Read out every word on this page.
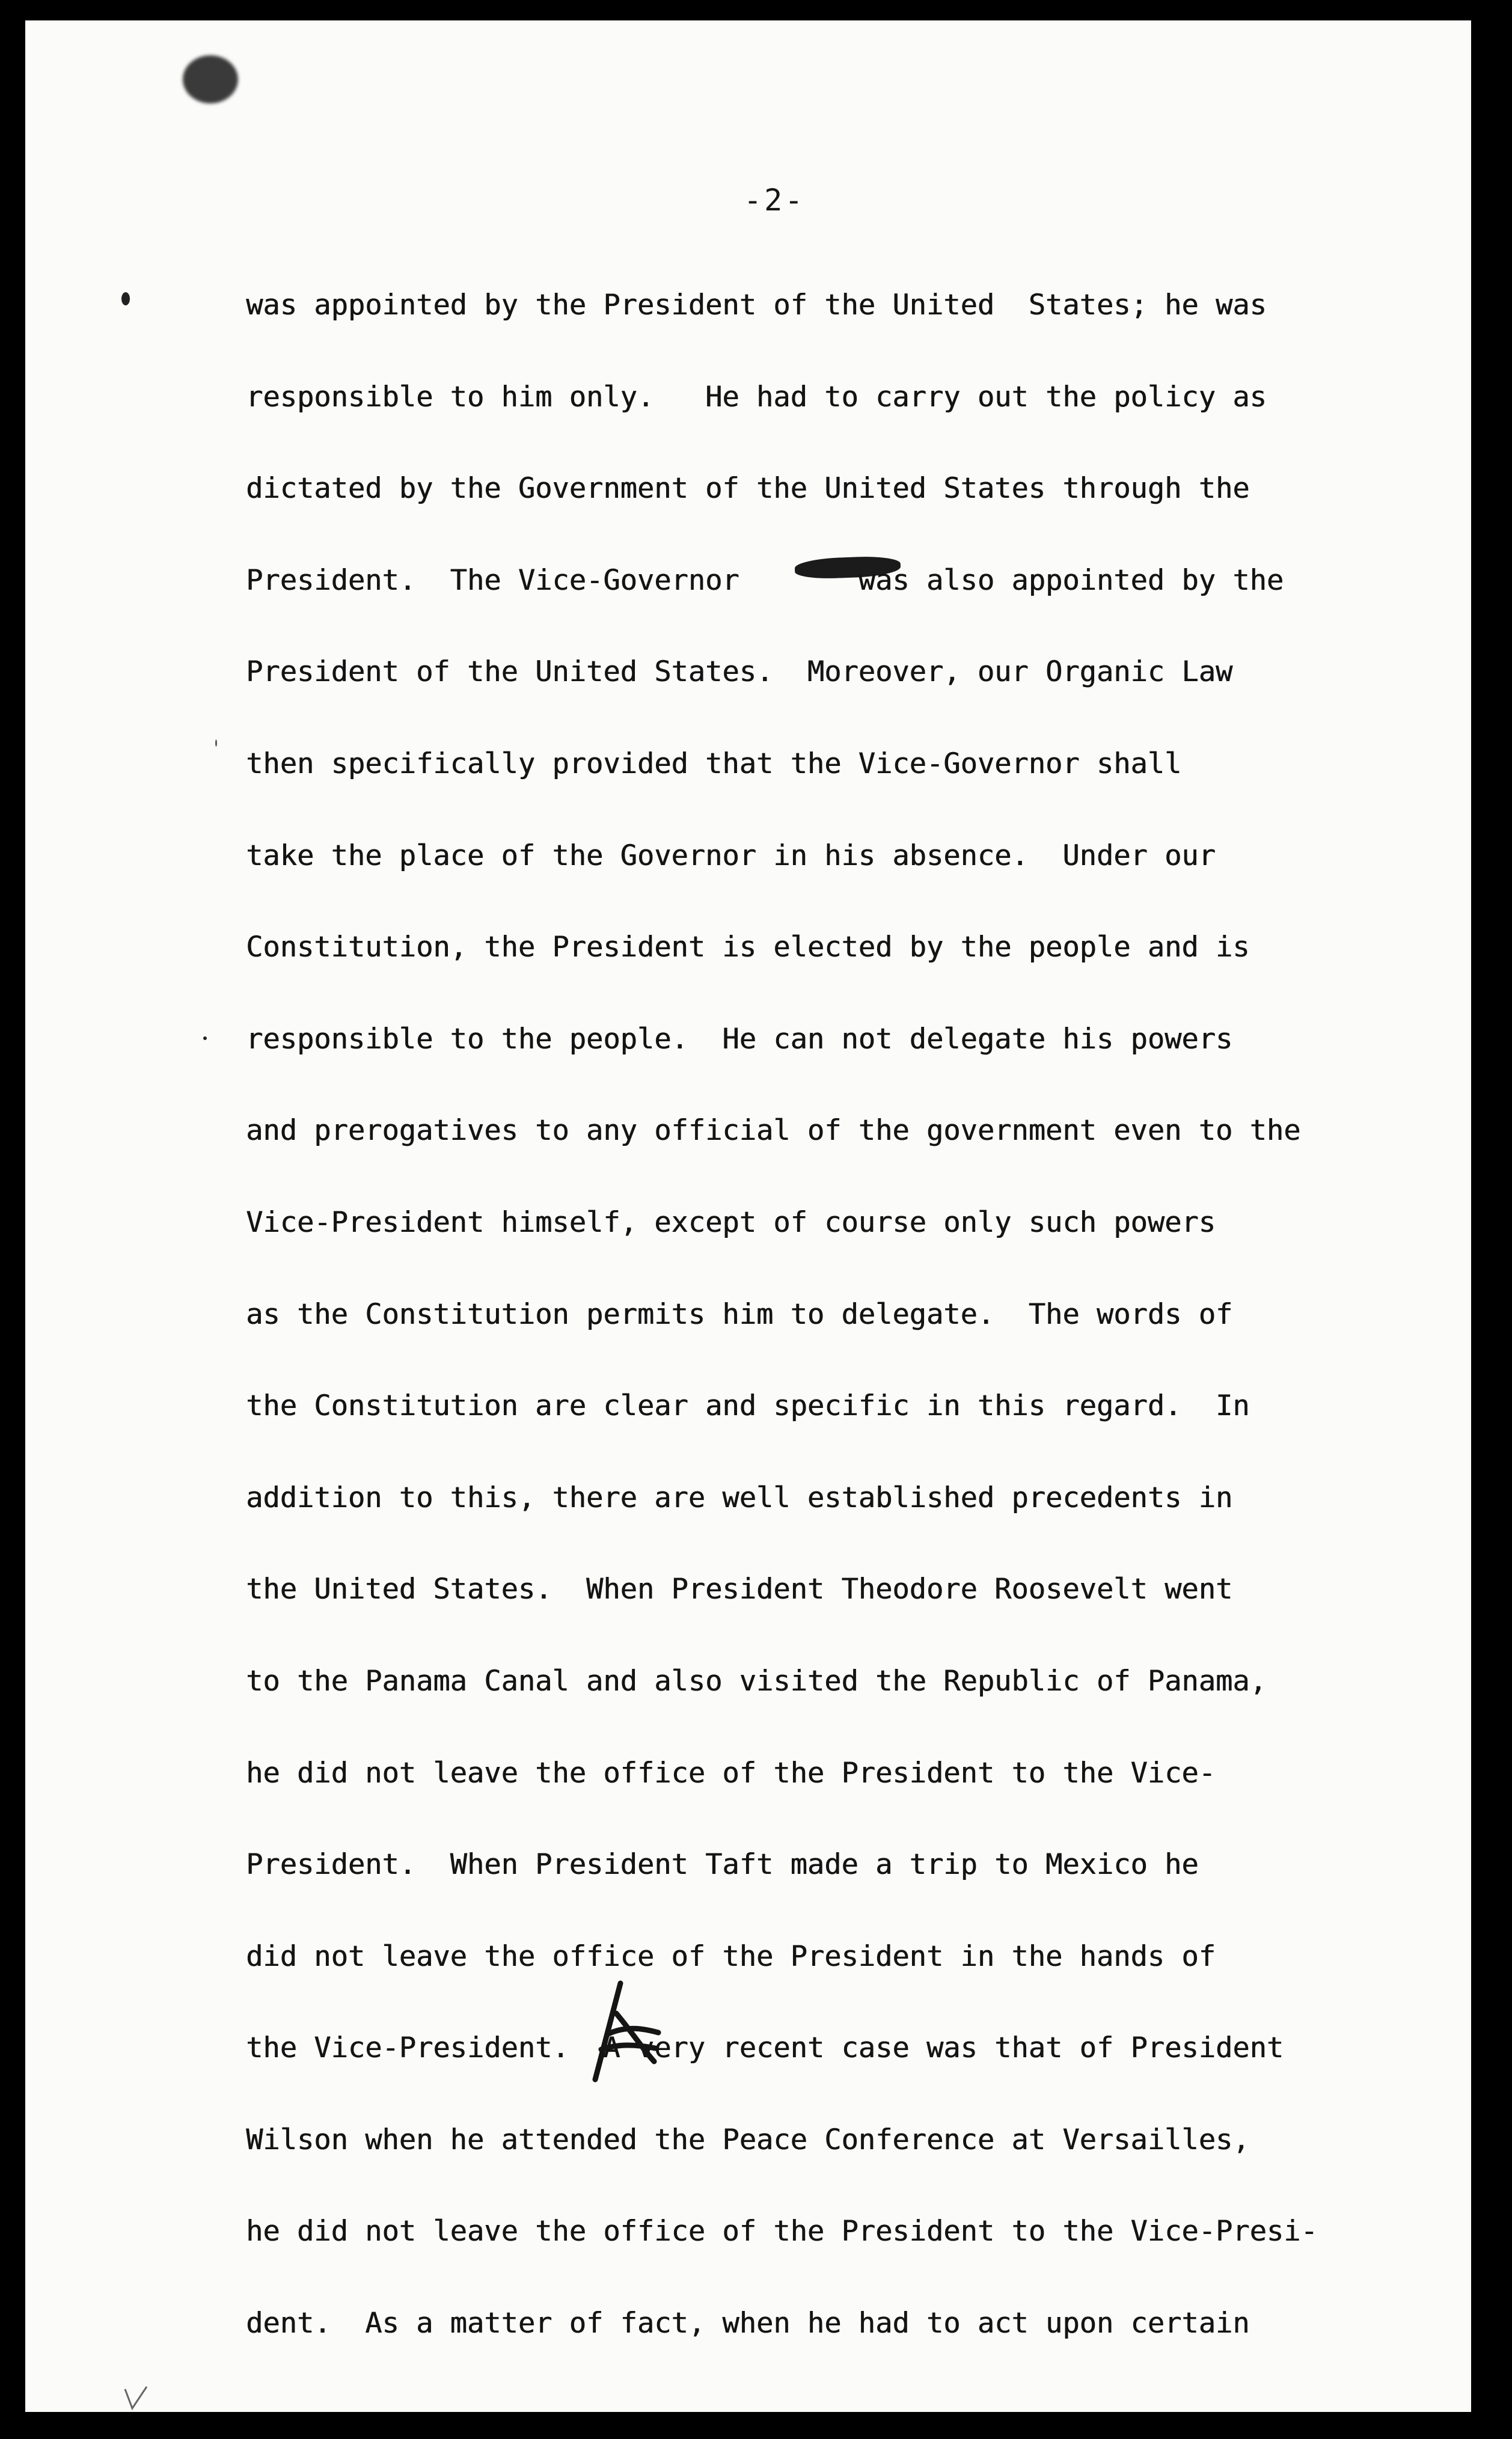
-2-
was appointed by the President of the United  States; he was
responsible to him only.   He had to carry out the policy as
dictated by the Government of the United States through the
President.  The Vice-Governor       was also appointed by the
President of the United States.  Moreover, our Organic Law
then specifically provided that the Vice-Governor shall
take the place of the Governor in his absence.  Under our
Constitution, the President is elected by the people and is
responsible to the people.  He can not delegate his powers
and prerogatives to any official of the government even to the
Vice-President himself, except of course only such powers
as the Constitution permits him to delegate.  The words of
the Constitution are clear and specific in this regard.  In
addition to this, there are well established precedents in
the United States.  When President Theodore Roosevelt went
to the Panama Canal and also visited the Republic of Panama,
he did not leave the office of the President to the Vice-
President.  When President Taft made a trip to Mexico he
did not leave the office of the President in the hands of
the Vice-President.  A very recent case was that of President
Wilson when he attended the Peace Conference at Versailles,
he did not leave the office of the President to the Vice-Presi-
dent.  As a matter of fact, when he had to act upon certain
